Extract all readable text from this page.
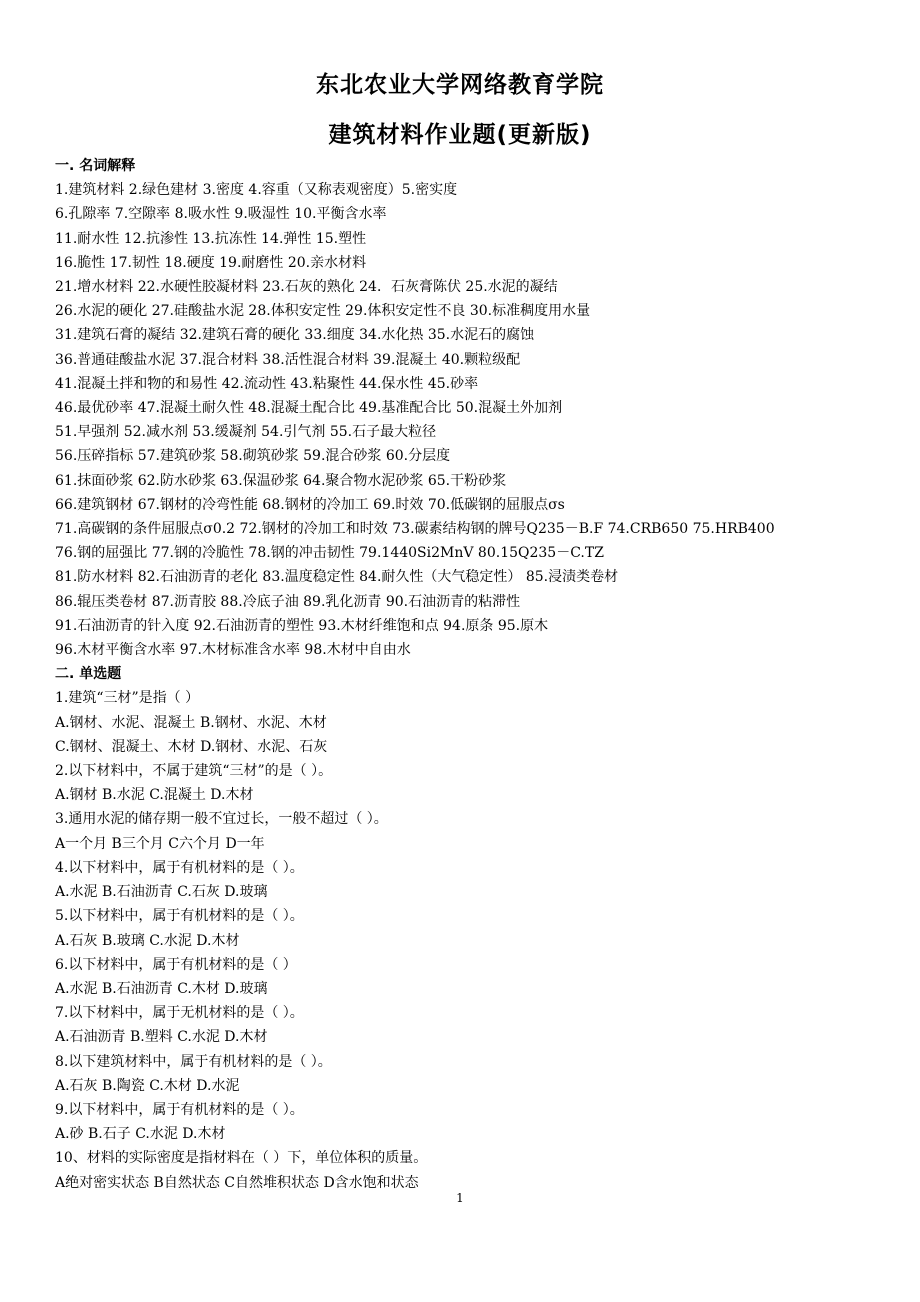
东北农业大学网络教育学院
建筑材料作业题(更新版)
一. 名词解释
1.建筑材料 2.绿色建材 3.密度 4.容重（又称表观密度）5.密实度
6.孔隙率 7.空隙率 8.吸水性 9.吸湿性 10.平衡含水率
11.耐水性 12.抗渗性 13.抗冻性 14.弹性 15.塑性
16.脆性 17.韧性 18.硬度 19.耐磨性 20.亲水材料
21.增水材料 22.水硬性胶凝材料 23.石灰的熟化 24．石灰膏陈伏 25.水泥的凝结
26.水泥的硬化 27.硅酸盐水泥 28.体积安定性 29.体积安定性不良 30.标准稠度用水量
31.建筑石膏的凝结 32.建筑石膏的硬化 33.细度 34.水化热 35.水泥石的腐蚀
36.普通硅酸盐水泥 37.混合材料 38.活性混合材料 39.混凝土 40.颗粒级配
41.混凝土拌和物的和易性 42.流动性 43.粘聚性 44.保水性 45.砂率
46.最优砂率 47.混凝土耐久性 48.混凝土配合比 49.基准配合比 50.混凝土外加剂
51.早强剂 52.减水剂 53.缓凝剂 54.引气剂 55.石子最大粒径
56.压碎指标 57.建筑砂浆 58.砌筑砂浆 59.混合砂浆 60.分层度
61.抹面砂浆 62.防水砂浆 63.保温砂浆 64.聚合物水泥砂浆 65.干粉砂浆
66.建筑钢材 67.钢材的冷弯性能 68.钢材的冷加工 69.时效 70.低碳钢的屈服点σs
71.高碳钢的条件屈服点σ0.2 72.钢材的冷加工和时效 73.碳素结构钢的牌号Q235－B.F 74.CRB650 75.HRB400
76.钢的屈强比 77.钢的冷脆性 78.钢的冲击韧性 79.1440Si2MnV 80.15Q235－C.TZ
81.防水材料 82.石油沥青的老化 83.温度稳定性 84.耐久性（大气稳定性） 85.浸渍类卷材
86.辊压类卷材 87.沥青胶 88.冷底子油 89.乳化沥青 90.石油沥青的粘滞性
91.石油沥青的针入度 92.石油沥青的塑性 93.木材纤维饱和点 94.原条 95.原木
96.木材平衡含水率 97.木材标准含水率 98.木材中自由水
二. 单选题
1.建筑“三材”是指（ ）
A.钢材、水泥、混凝土 B.钢材、水泥、木材
C.钢材、混凝土、木材 D.钢材、水泥、石灰
2.以下材料中，不属于建筑“三材”的是（ ）。
A.钢材 B.水泥 C.混凝土 D.木材
3.通用水泥的储存期一般不宜过长，一般不超过（ ）。
A一个月 B三个月 C六个月 D一年
4.以下材料中，属于有机材料的是（ ）。
A.水泥 B.石油沥青 C.石灰 D.玻璃
5.以下材料中，属于有机材料的是（ ）。
A.石灰 B.玻璃 C.水泥 D.木材
6.以下材料中，属于有机材料的是（ ）
A.水泥 B.石油沥青 C.木材 D.玻璃
7.以下材料中，属于无机材料的是（ ）。
A.石油沥青 B.塑料 C.水泥 D.木材
8.以下建筑材料中，属于有机材料的是（ ）。
A.石灰 B.陶瓷 C.木材 D.水泥
9.以下材料中，属于有机材料的是（ ）。
A.砂 B.石子 C.水泥 D.木材
10、材料的实际密度是指材料在（ ）下，单位体积的质量。
A绝对密实状态 B自然状态 C自然堆积状态 D含水饱和状态
1
